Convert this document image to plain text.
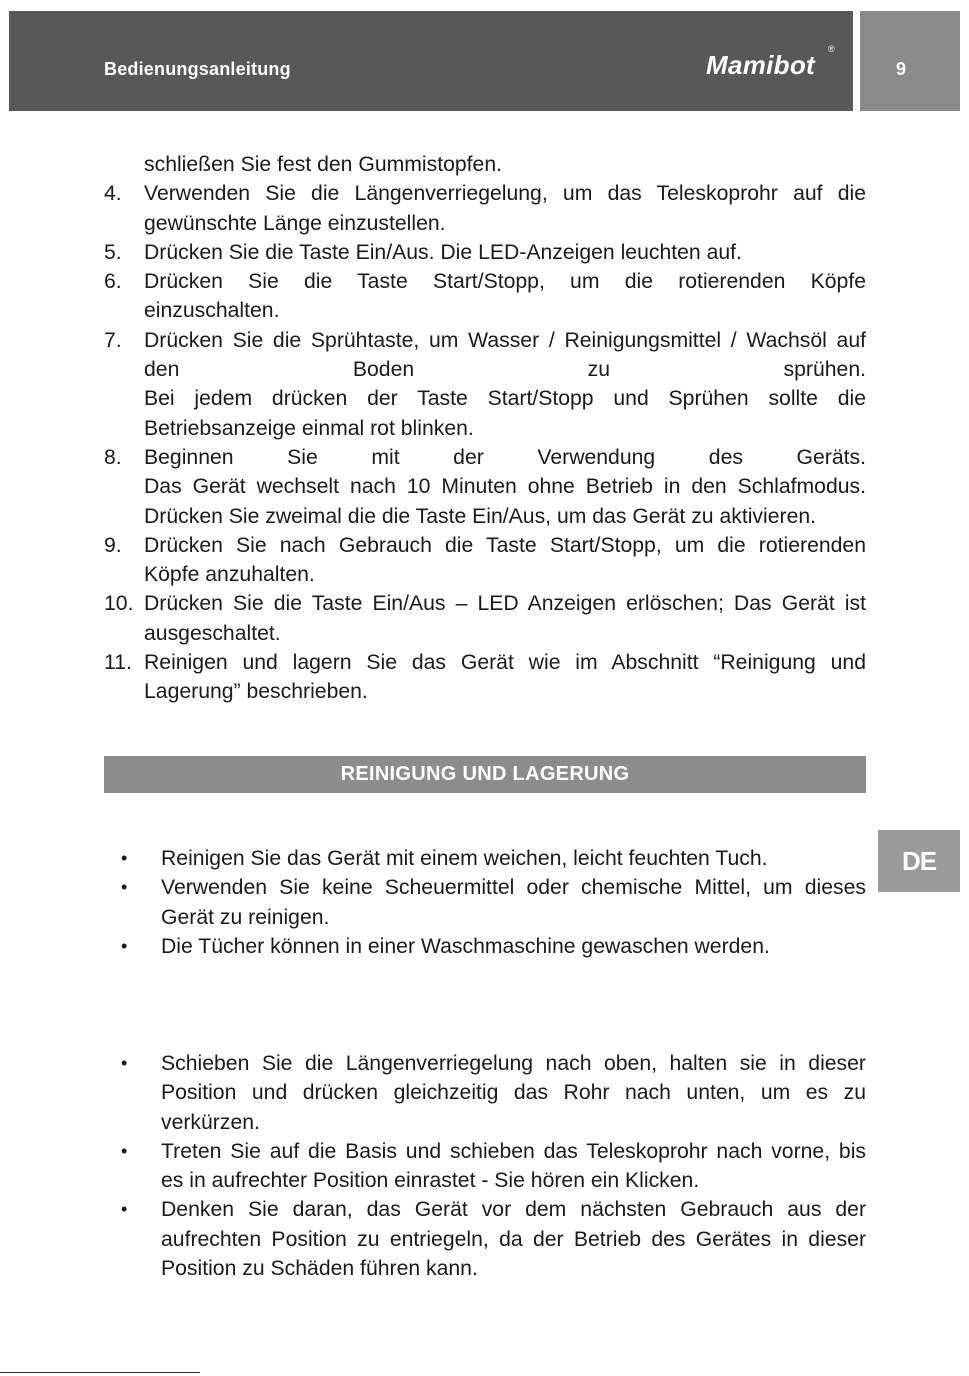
Bedienungsanleitung	Mamibot
®
9
schließen Sie fest den Gummistopfen.
4. Verwenden Sie die Längenverriegelung, um das Teleskoprohr auf die
gewünschte Länge einzustellen.
5. Drücken Sie die Taste Ein/Aus. Die LED-Anzeigen leuchten auf.
6. Drücken Sie die Taste Start/Stopp, um die rotierenden Köpfe
einzuschalten.
7. Drücken Sie die Sprühtaste, um Wasser / Reinigungsmittel / Wachsöl auf
den Boden zu sprühen.
Bei jedem drücken der Taste Start/Stopp und Sprühen sollte die
Betriebsanzeige einmal rot blinken.
8. Beginnen Sie mit der Verwendung des Geräts.
Das Gerät wechselt nach 10 Minuten ohne Betrieb in den Schlafmodus.
Drücken Sie zweimal die die Taste Ein/Aus, um das Gerät zu aktivieren.
9. Drücken Sie nach Gebrauch die Taste Start/Stopp, um die rotierenden
Köpfe anzuhalten.
10. Drücken Sie die Taste Ein/Aus – LED Anzeigen erlöschen; Das Gerät ist
ausgeschaltet.
11. Reinigen und lagern Sie das Gerät wie im Abschnitt “Reinigung und
Lagerung” beschrieben.
REINIGUNG UND LAGERUNG
DE
• Reinigen Sie das Gerät mit einem weichen, leicht feuchten Tuch.
• Verwenden Sie keine Scheuermittel oder chemische Mittel, um dieses
Gerät zu reinigen.
• Die Tücher können in einer Waschmaschine gewaschen werden.
• Schieben Sie die Längenverriegelung nach oben, halten sie in dieser
Position und drücken gleichzeitig das Rohr nach unten, um es zu
verkürzen.
• Treten Sie auf die Basis und schieben das Teleskoprohr nach vorne, bis
es in aufrechter Position einrastet - Sie hören ein Klicken.
• Denken Sie daran, das Gerät vor dem nächsten Gebrauch aus der
aufrechten Position zu entriegeln, da der Betrieb des Gerätes in dieser
Position zu Schäden führen kann.
